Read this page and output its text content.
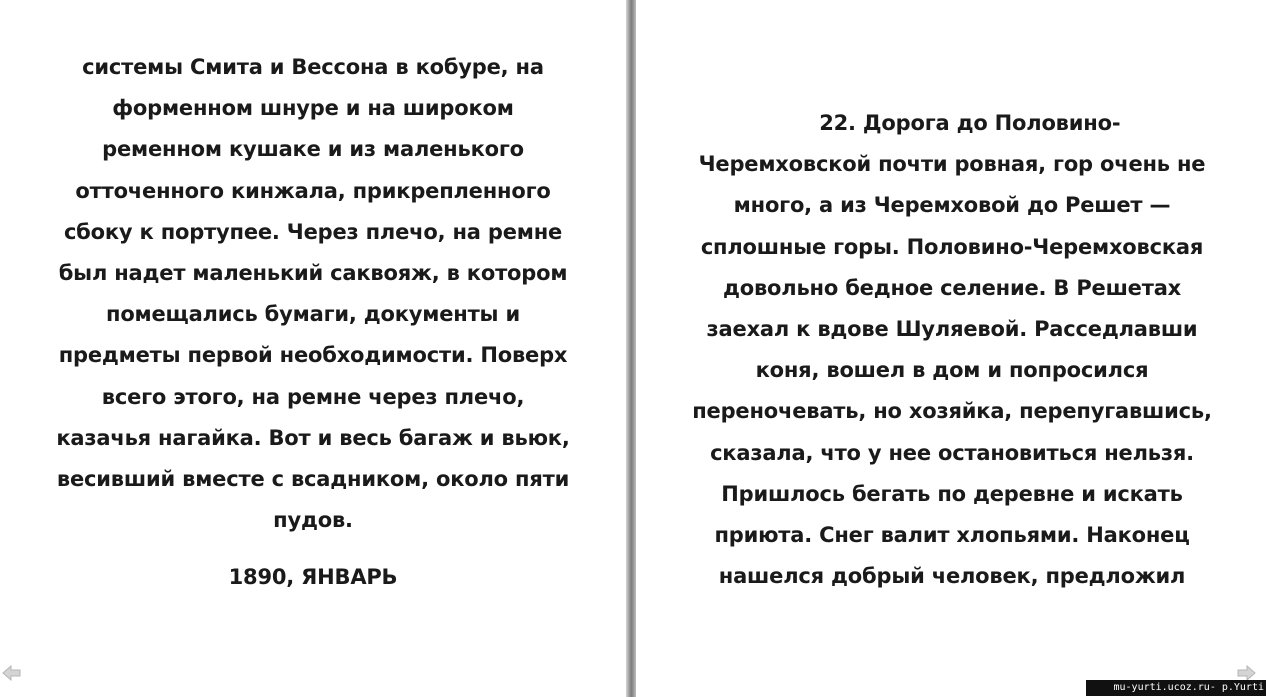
системы Смита и Вессона в кобуре, на
форменном шнуре и на широком
ременном кушаке и из маленького
отточенного кинжала, прикрепленного
сбоку к портупее. Через плечо, на ремне
был надет маленький саквояж, в котором
помещались бумаги, документы и
предметы первой необходимости. Поверх
всего этого, на ремне через плечо,
казачья нагайка. Вот и весь багаж и вьюк,
весивший вместе с всадником, около пяти
пудов.
1890, ЯНВАРЬ
22. Дорога до Половино-
Черемховской почти ровная, гор очень не
много, а из Черемховой до Решет —
сплошные горы. Половино-Черемховская
довольно бедное селение. В Решетах
заехал к вдове Шуляевой. Расседлавши
коня, вошел в дом и попросился
переночевать, но хозяйка, перепугавшись,
сказала, что у нее остановиться нельзя.
Пришлось бегать по деревне и искать
приюта. Снег валит хлопьями. Наконец
нашелся добрый человек, предложил
mu-yurti.ucoz.ru- p.Yurti
